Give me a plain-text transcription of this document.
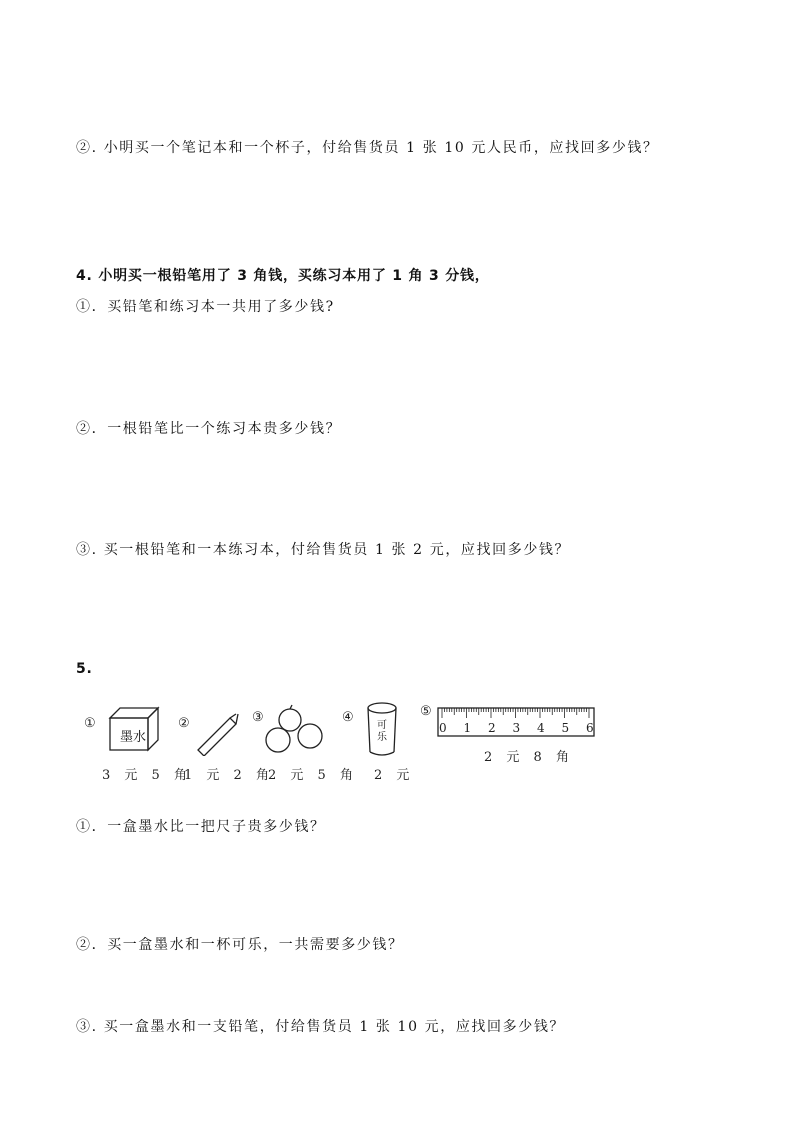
②. 小明买一个笔记本和一个杯子，付给售货员 1 张 10 元人民币，应找回多少钱？
4. 小明买一根铅笔用了 3 角钱，买练习本用了 1 角 3 分钱，
①．买铅笔和练习本一共用了多少钱?
②．一根铅笔比一个练习本贵多少钱？
③. 买一根铅笔和一本练习本，付给售货员 1 张 2 元，应找回多少钱？
5.
①
墨水
3 元 5 角
②
1 元 2 角
③
2 元 5 角
④
可乐
2 元
⑤
0 1 2 3 4 5 6
2 元 8 角
①．一盒墨水比一把尺子贵多少钱？
②．买一盒墨水和一杯可乐，一共需要多少钱？
③. 买一盒墨水和一支铅笔，付给售货员 1 张 10 元，应找回多少钱？
